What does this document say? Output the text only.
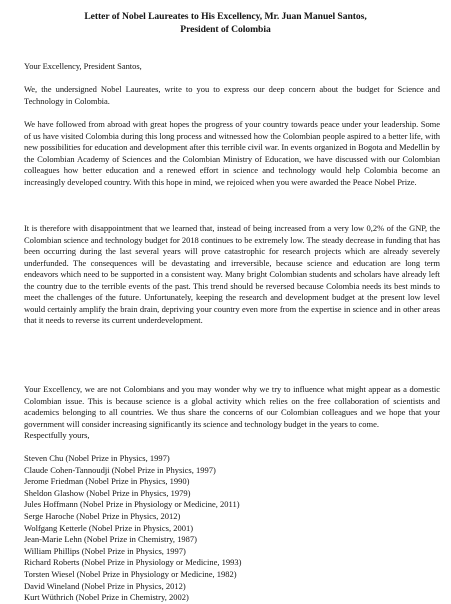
Letter of Nobel Laureates to His Excellency, Mr. Juan Manuel Santos,
President of Colombia

Your Excellency, President Santos,

We, the undersigned Nobel Laureates, write to you to express our deep concern about the budget for Science and Technology in Colombia.

We have followed from abroad with great hopes the progress of your country towards peace under your leadership. Some of us have visited Colombia during this long process and witnessed how the Colombian people aspired to a better life, with new possibilities for education and development after this terrible civil war. In events organized in Bogota and Medellin by the Colombian Academy of Sciences and the Colombian Ministry of Education, we have discussed with our Colombian colleagues how better education and a renewed effort in science and technology would help Colombia become an increasingly developed country. With this hope in mind, we rejoiced when you were awarded the Peace Nobel Prize.

It is therefore with disappointment that we learned that, instead of being increased from a very low 0,2% of the GNP, the Colombian science and technology budget for 2018 continues to be extremely low. The steady decrease in funding that has been occurring during the last several years will prove catastrophic for research projects which are already severely underfunded. The consequences will be devastating and irreversible, because science and education are long term endeavors which need to be supported in a consistent way. Many bright Colombian students and scholars have already left the country due to the terrible events of the past. This trend should be reversed because Colombia needs its best minds to meet the challenges of the future. Unfortunately, keeping the research and development budget at the present low level would certainly amplify the brain drain, depriving your country even more from the expertise in science and in other areas that it needs to reverse its current underdevelopment.

Your Excellency, we are not Colombians and you may wonder why we try to influence what might appear as a domestic Colombian issue. This is because science is a global activity which relies on the free collaboration of scientists and academics belonging to all countries. We thus share the concerns of our Colombian colleagues and we hope that your government will consider increasing significantly its science and technology budget in the years to come.

Respectfully yours,

Steven Chu (Nobel Prize in Physics, 1997)
Claude Cohen-Tannoudji (Nobel Prize in Physics, 1997)
Jerome Friedman (Nobel Prize in Physics, 1990)
Sheldon Glashow (Nobel Prize in Physics, 1979)
Jules Hoffmann (Nobel Prize in Physiology or Medicine, 2011)
Serge Haroche (Nobel Prize in Physics, 2012)
Wolfgang Ketterle (Nobel Prize in Physics, 2001)
Jean-Marie Lehn (Nobel Prize in Chemistry, 1987)
William Phillips (Nobel Prize in Physics, 1997)
Richard Roberts (Nobel Prize in Physiology or Medicine, 1993)
Torsten Wiesel (Nobel Prize in Physiology or Medicine, 1982)
David Wineland (Nobel Prize in Physics, 2012)
Kurt Wüthrich (Nobel Prize in Chemistry, 2002)
